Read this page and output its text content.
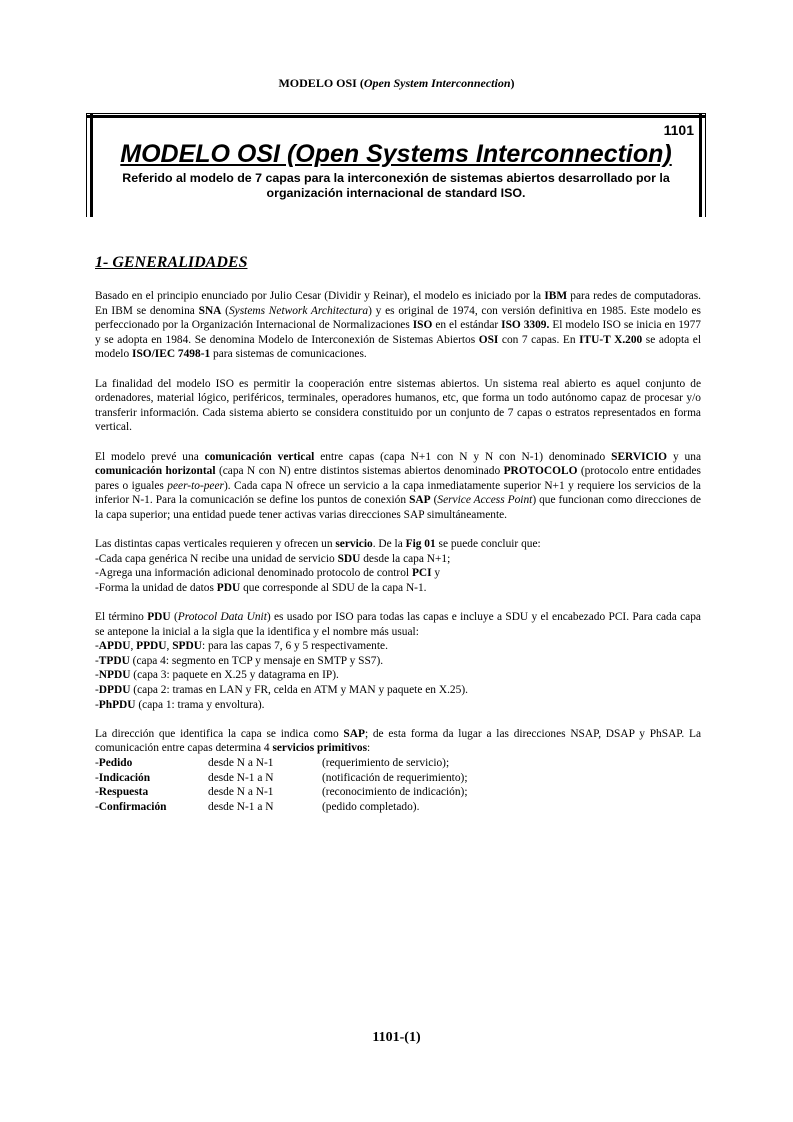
MODELO OSI (Open System Interconnection)
1101
MODELO OSI (Open Systems Interconnection)
Referido al modelo de 7 capas para la interconexión de sistemas abiertos desarrollado por la organización internacional de standard ISO.
1- GENERALIDADES

Basado en el principio enunciado por Julio Cesar (Dividir y Reinar), el modelo es iniciado por la IBM para redes de computadoras. En IBM se denomina SNA (Systems Network Architectura) y es original de 1974, con versión definitiva en 1985. Este modelo es perfeccionado por la Organización Internacional de Normalizaciones ISO en el estándar ISO 3309. El modelo ISO se inicia en 1977 y se adopta en 1984. Se denomina Modelo de Interconexión de Sistemas Abiertos OSI con 7 capas. En ITU-T X.200 se adopta el modelo ISO/IEC 7498-1 para sistemas de comunicaciones.

La finalidad del modelo ISO es permitir la cooperación entre sistemas abiertos. Un sistema real abierto es aquel conjunto de ordenadores, material lógico, periféricos, terminales, operadores humanos, etc, que forma un todo autónomo capaz de procesar y/o transferir información. Cada sistema abierto se considera constituido por un conjunto de 7 capas o estratos representados en forma vertical.

El modelo prevé una comunicación vertical entre capas (capa N+1 con N y N con N-1) denominado SERVICIO y una comunicación horizontal (capa N con N) entre distintos sistemas abiertos denominado PROTOCOLO (protocolo entre entidades pares o iguales peer-to-peer). Cada capa N ofrece un servicio a la capa inmediatamente superior N+1 y requiere los servicios de la inferior N-1. Para la comunicación se define los puntos de conexión SAP (Service Access Point) que funcionan como direcciones de la capa superior; una entidad puede tener activas varias direcciones SAP simultáneamente.

Las distintas capas verticales requieren y ofrecen un servicio. De la Fig 01 se puede concluir que:
-Cada capa genérica N recibe una unidad de servicio SDU desde la capa N+1;
-Agrega una información adicional denominado protocolo de control PCI y
-Forma la unidad de datos PDU que corresponde al SDU de la capa N-1.

El término PDU (Protocol Data Unit) es usado por ISO para todas las capas e incluye a SDU y el encabezado PCI. Para cada capa se antepone la inicial a la sigla que la identifica y el nombre más usual:

-APDU, PPDU, SPDU: para las capas 7, 6 y 5 respectivamente.
-TPDU (capa 4: segmento en TCP y mensaje en SMTP y SS7).
-NPDU (capa 3: paquete en X.25 y datagrama en IP).
-DPDU (capa 2: tramas en LAN y FR, celda en ATM y MAN y paquete en X.25).
-PhPDU (capa 1: trama y envoltura).

La dirección que identifica la capa se indica como SAP; de esta forma da lugar a las direcciones NSAP, DSAP y PhSAP. La comunicación entre capas determina 4 servicios primitivos:

-Pedido	desde N a N-1	(requerimiento de servicio);
-Indicación	desde N-1 a N	(notificación de requerimiento);
-Respuesta	desde N a N-1	(reconocimiento de indicación);
-Confirmación	desde N-1 a N	(pedido completado).
1101-(1)
